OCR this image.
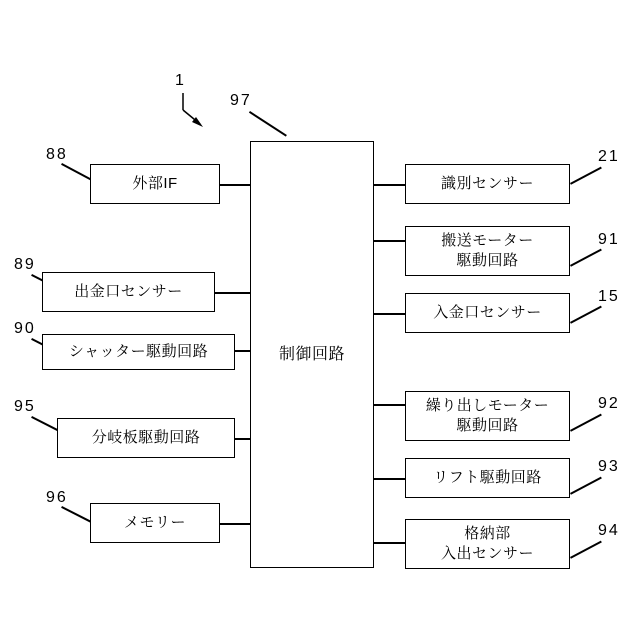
1
97
88
89
90
95
96
21
91
15
92
93
94
制御回路
外部IF
出金口センサー
シャッター駆動回路
分岐板駆動回路
メモリー
識別センサー
搬送モーター
駆動回路
入金口センサー
繰り出しモーター
駆動回路
リフト駆動回路
格納部
入出センサー
